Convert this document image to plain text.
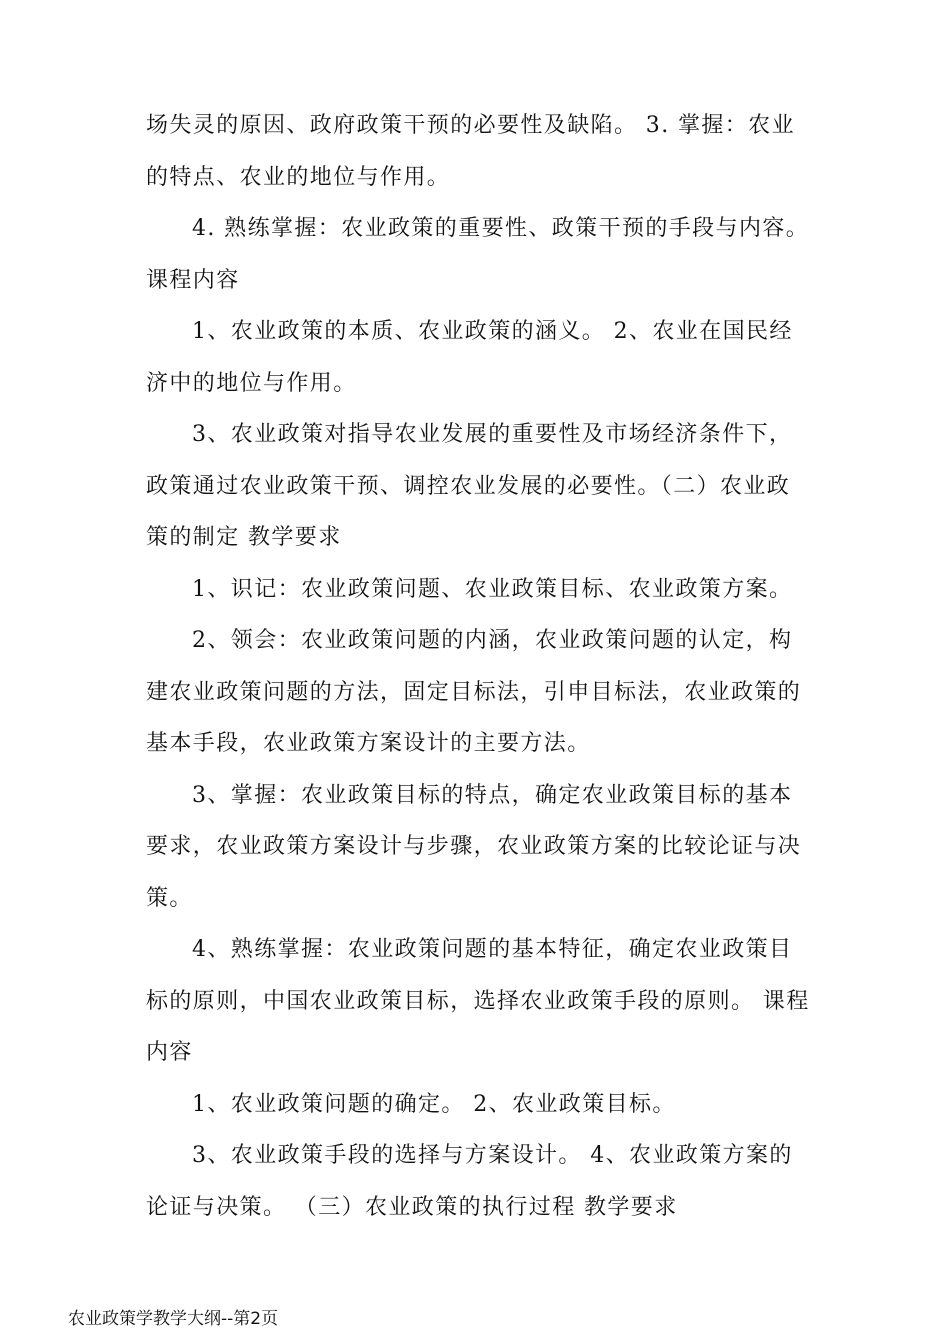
场失灵的原因、政府政策干预的必要性及缺陷。 3. 掌握：农业的特点、农业的地位与作用。

4. 熟练掌握：农业政策的重要性、政策干预的手段与内容。

课程内容

1、农业政策的本质、农业政策的涵义。 2、农业在国民经济中的地位与作用。

3、农业政策对指导农业发展的重要性及市场经济条件下，政策通过农业政策干预、调控农业发展的必要性。（二）农业政策的制定 教学要求

1、识记：农业政策问题、农业政策目标、农业政策方案。

2、领会：农业政策问题的内涵，农业政策问题的认定，构建农业政策问题的方法，固定目标法，引申目标法，农业政策的基本手段，农业政策方案设计的主要方法。

3、掌握：农业政策目标的特点，确定农业政策目标的基本要求，农业政策方案设计与步骤，农业政策方案的比较论证与决策。

4、熟练掌握：农业政策问题的基本特征，确定农业政策目标的原则，中国农业政策目标，选择农业政策手段的原则。 课程内容

1、农业政策问题的确定。 2、农业政策目标。

3、农业政策手段的选择与方案设计。 4、农业政策方案的论证与决策。 （三）农业政策的执行过程 教学要求

农业政策学教学大纲--第2页
